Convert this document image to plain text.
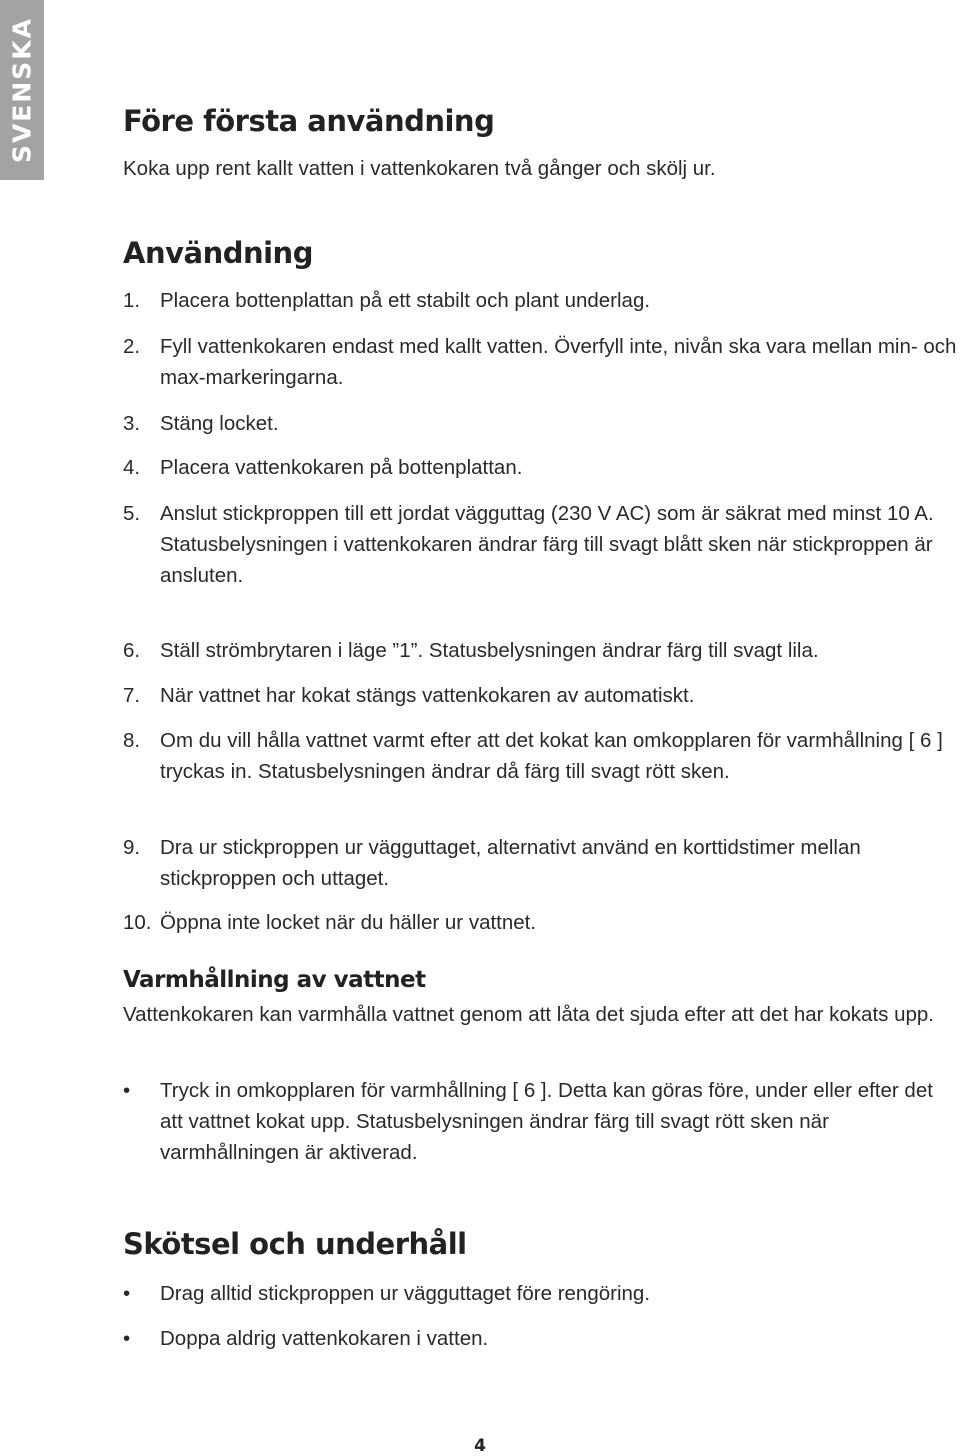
SVENSKA	Före första användning

Koka upp rent kallt vatten i vattenkokaren två gånger och skölj ur.

Användning
1. Placera bottenplattan på ett stabilt och plant underlag.
2. Fyll vattenkokaren endast med kallt vatten. Överfyll inte, nivån ska vara mellan min- och max-markeringarna.
3. Stäng locket.
4. Placera vattenkokaren på bottenplattan.
5. Anslut stickproppen till ett jordat vägguttag (230 V AC) som är säkrat med minst 10 A.
Statusbelysningen i vattenkokaren ändrar färg till svagt blått sken när stickproppen är ansluten.
6. Ställ strömbrytaren i läge ”1”. Statusbelysningen ändrar färg till svagt lila.
7. När vattnet har kokat stängs vattenkokaren av automatiskt.
8. Om du vill hålla vattnet varmt efter att det kokat kan omkopplaren för varmhållning [ 6 ] tryckas in. Statusbelysningen ändrar då färg till svagt rött sken.
9. Dra ur stickproppen ur vägguttaget, alternativt använd en korttidstimer mellan stickproppen och uttaget.
10. Öppna inte locket när du häller ur vattnet.
Varmhållning av vattnet

Vattenkokaren kan varmhålla vattnet genom att låta det sjuda efter att det har kokats upp.

• Tryck in omkopplaren för varmhållning [ 6 ]. Detta kan göras före, under eller efter det att vattnet kokat upp. Statusbelysningen ändrar färg till svagt rött sken när varmhållningen är aktiverad.
Skötsel och underhåll
• Drag alltid stickproppen ur vägguttaget före rengöring.
• Doppa aldrig vattenkokaren i vatten.
4
